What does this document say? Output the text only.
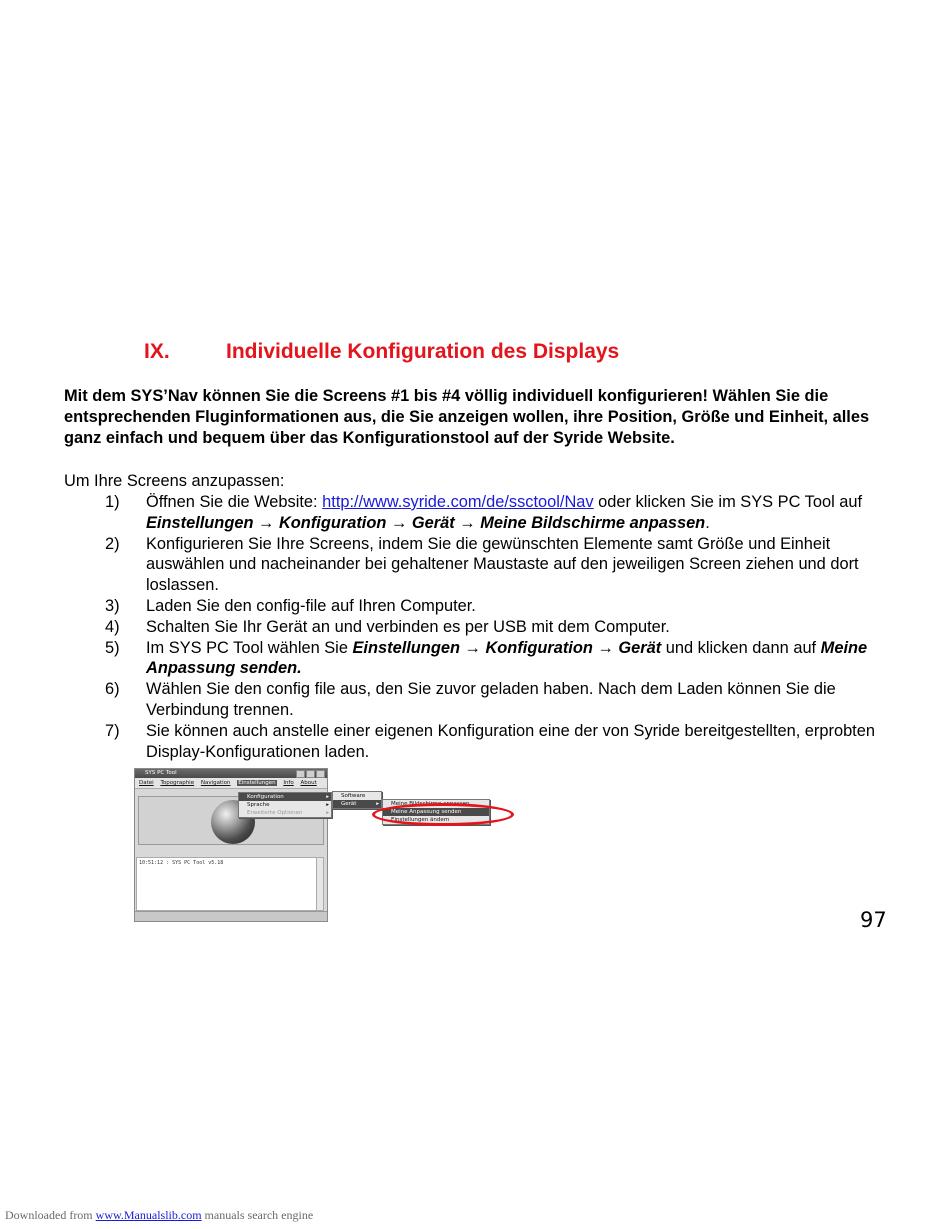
IX.	Individuelle Konfiguration des Displays
Mit dem SYS’Nav können Sie die Screens #1 bis #4 völlig individuell konfigurieren! Wählen Sie die entsprechenden Fluginformationen aus, die Sie anzeigen wollen, ihre Position, Größe und Einheit, alles ganz einfach und bequem über das Konfigurationstool auf der Syride Website.
Um Ihre Screens anzupassen:
1) Öffnen Sie die Website: http://www.syride.com/de/ssctool/Nav oder klicken Sie im SYS PC Tool auf Einstellungen → Konfiguration → Gerät → Meine Bildschirme anpassen.
2) Konfigurieren Sie Ihre Screens, indem Sie die gewünschten Elemente samt Größe und Einheit auswählen und nacheinander bei gehaltener Maustaste auf den jeweiligen Screen ziehen und dort loslassen.
3) Laden Sie den config-file auf Ihren Computer.
4) Schalten Sie Ihr Gerät an und verbinden es per USB mit dem Computer.
5) Im SYS PC Tool wählen Sie Einstellungen → Konfiguration → Gerät und klicken dann auf Meine Anpassung senden.
6) Wählen Sie den config file aus, den Sie zuvor geladen haben. Nach dem Laden können Sie die Verbindung trennen.
7) Sie können auch anstelle einer eigenen Konfiguration eine der von Syride bereitgestellten, erprobten Display-Konfigurationen laden.
SYS PC Tool
Datei Topographie Navigation Einstellungen Info About
10:51:12 : SYS PC Tool v5.18
Konfiguration	▸
Sprache	▸
Erweiterte Optionen	▸
Software
Gerät	▸	Meine Bildschirme anpassen
Meine Anpassung senden
Einstellungen ändern
97
Downloaded from www.Manualslib.com manuals search engine
